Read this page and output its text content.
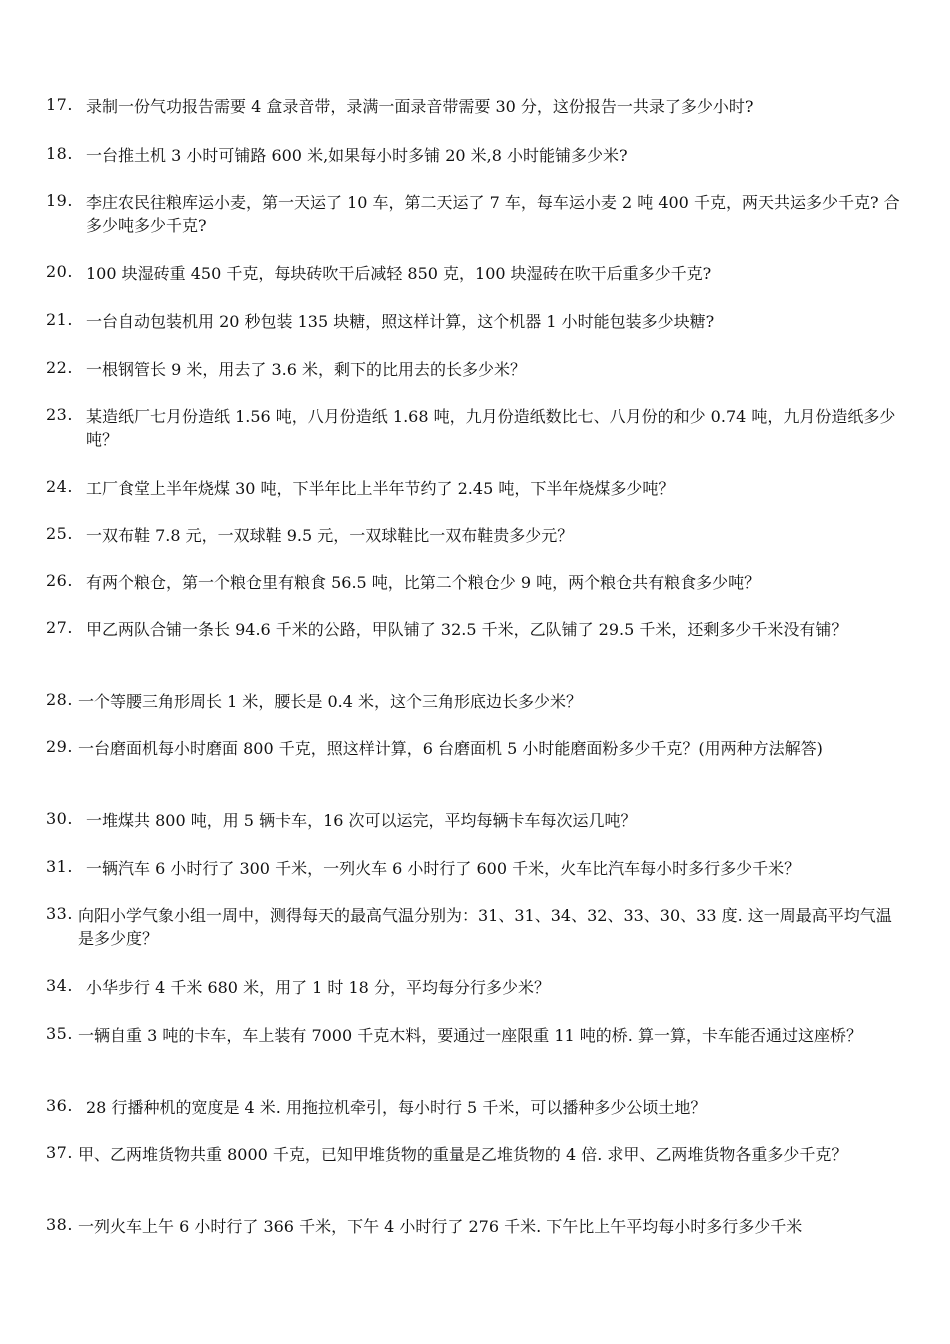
17. 录制一份气功报告需要 4 盒录音带，录满一面录音带需要 30 分，这份报告一共录了多少小时?
18. 一台推土机 3 小时可铺路 600 米,如果每小时多铺 20 米,8 小时能铺多少米?
19. 李庄农民往粮库运小麦，第一天运了 10 车，第二天运了 7 车，每车运小麦 2 吨 400 千克，两天共运多少千克? 合多少吨多少千克?
20. 100 块湿砖重 450 千克，每块砖吹干后减轻 850 克，100 块湿砖在吹干后重多少千克?
21. 一台自动包装机用 20 秒包装 135 块糖，照这样计算，这个机器 1 小时能包装多少块糖?
22. 一根钢管长 9 米，用去了 3.6 米，剩下的比用去的长多少米？
23. 某造纸厂七月份造纸 1.56 吨，八月份造纸 1.68 吨，九月份造纸数比七、八月份的和少 0.74 吨，九月份造纸多少吨？
24. 工厂食堂上半年烧煤 30 吨，下半年比上半年节约了 2.45 吨，下半年烧煤多少吨？
25. 一双布鞋 7.8 元，一双球鞋 9.5 元，一双球鞋比一双布鞋贵多少元？
26. 有两个粮仓，第一个粮仓里有粮食 56.5 吨，比第二个粮仓少 9 吨，两个粮仓共有粮食多少吨？
27. 甲乙两队合铺一条长 94.6 千米的公路，甲队铺了 32.5 千米，乙队铺了 29.5 千米，还剩多少千米没有铺？
28. 一个等腰三角形周长 1 米，腰长是 0.4 米，这个三角形底边长多少米？
29. 一台磨面机每小时磨面 800 千克，照这样计算，6 台磨面机 5 小时能磨面粉多少千克？(用两种方法解答)
30. 一堆煤共 800 吨，用 5 辆卡车，16 次可以运完，平均每辆卡车每次运几吨？
31. 一辆汽车 6 小时行了 300 千米，一列火车 6 小时行了 600 千米，火车比汽车每小时多行多少千米？
33. 向阳小学气象小组一周中，测得每天的最高气温分别为：31、31、34、32、33、30、33 度. 这一周最高平均气温是多少度？
34. 小华步行 4 千米 680 米，用了 1 时 18 分，平均每分行多少米？
35. 一辆自重 3 吨的卡车，车上装有 7000 千克木料，要通过一座限重 11 吨的桥. 算一算，卡车能否通过这座桥？
36. 28 行播种机的宽度是 4 米. 用拖拉机牵引，每小时行 5 千米，可以播种多少公顷土地？
37. 甲、乙两堆货物共重 8000 千克，已知甲堆货物的重量是乙堆货物的 4 倍. 求甲、乙两堆货物各重多少千克？
38. 一列火车上午 6 小时行了 366 千米，下午 4 小时行了 276 千米. 下午比上午平均每小时多行多少千米
